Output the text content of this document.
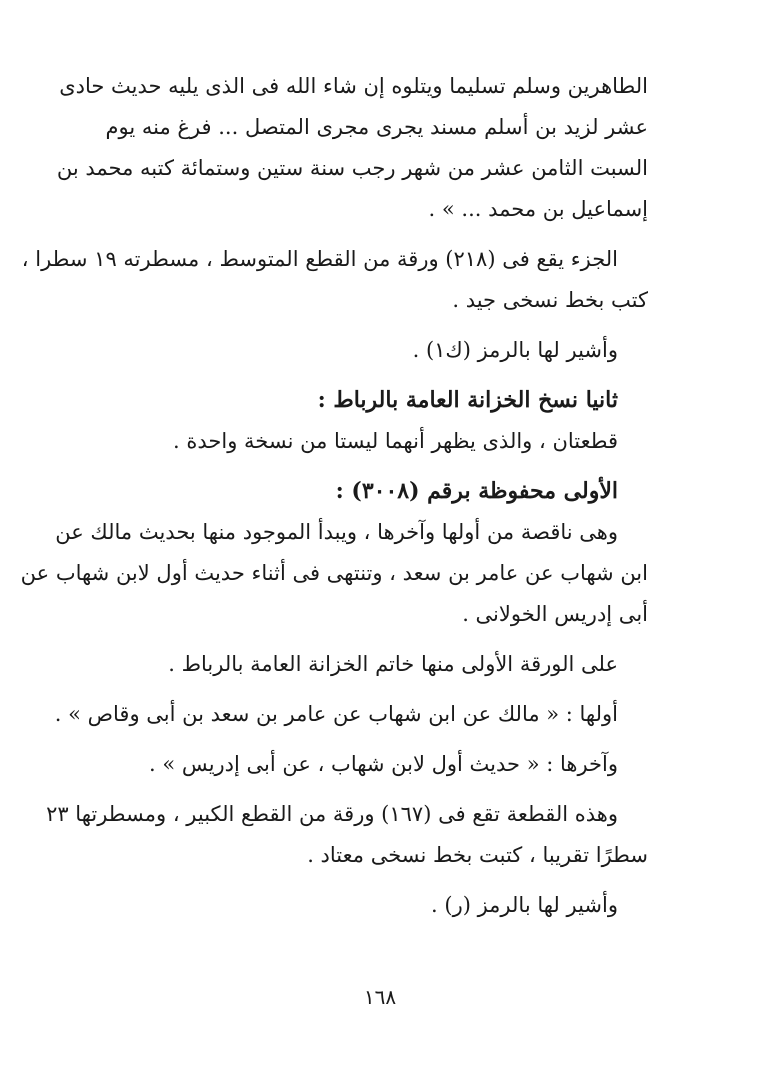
الطاهرين وسلم تسليما ويتلوه إن شاء الله فى الذى يليه حديث حادى
عشر لزيد بن أسلم مسند يجرى مجرى المتصل ... فرغ منه يوم
السبت الثامن عشر من شهر رجب سنة ستين وستمائة كتبه محمد بن
إسماعيل بن محمد ... » .
الجزء يقع فى (٢١٨) ورقة من القطع المتوسط ، مسطرته ١٩ سطرا ،
كتب بخط نسخى جيد .
وأشير لها بالرمز (ك١) .
ثانيا نسخ الخزانة العامة بالرباط :
قطعتان ، والذى يظهر أنهما ليستا من نسخة واحدة .
الأولى محفوظة برقم (٣٠٠٨) :
وهى ناقصة من أولها وآخرها ، ويبدأ الموجود منها بحديث مالك عن
ابن شهاب عن عامر بن سعد ، وتنتهى فى أثناء حديث أول لابن شهاب عن
أبى إدريس الخولانى .
على الورقة الأولى منها خاتم الخزانة العامة بالرباط .
أولها : « مالك عن ابن شهاب عن عامر بن سعد بن أبى وقاص » .
وآخرها : « حديث أول لابن شهاب ، عن أبى إدريس » .
وهذه القطعة تقع فى (١٦٧) ورقة من القطع الكبير ، ومسطرتها ٢٣
سطرًا تقريبا ، كتبت بخط نسخى معتاد .
وأشير لها بالرمز (ر) .
١٦٨
